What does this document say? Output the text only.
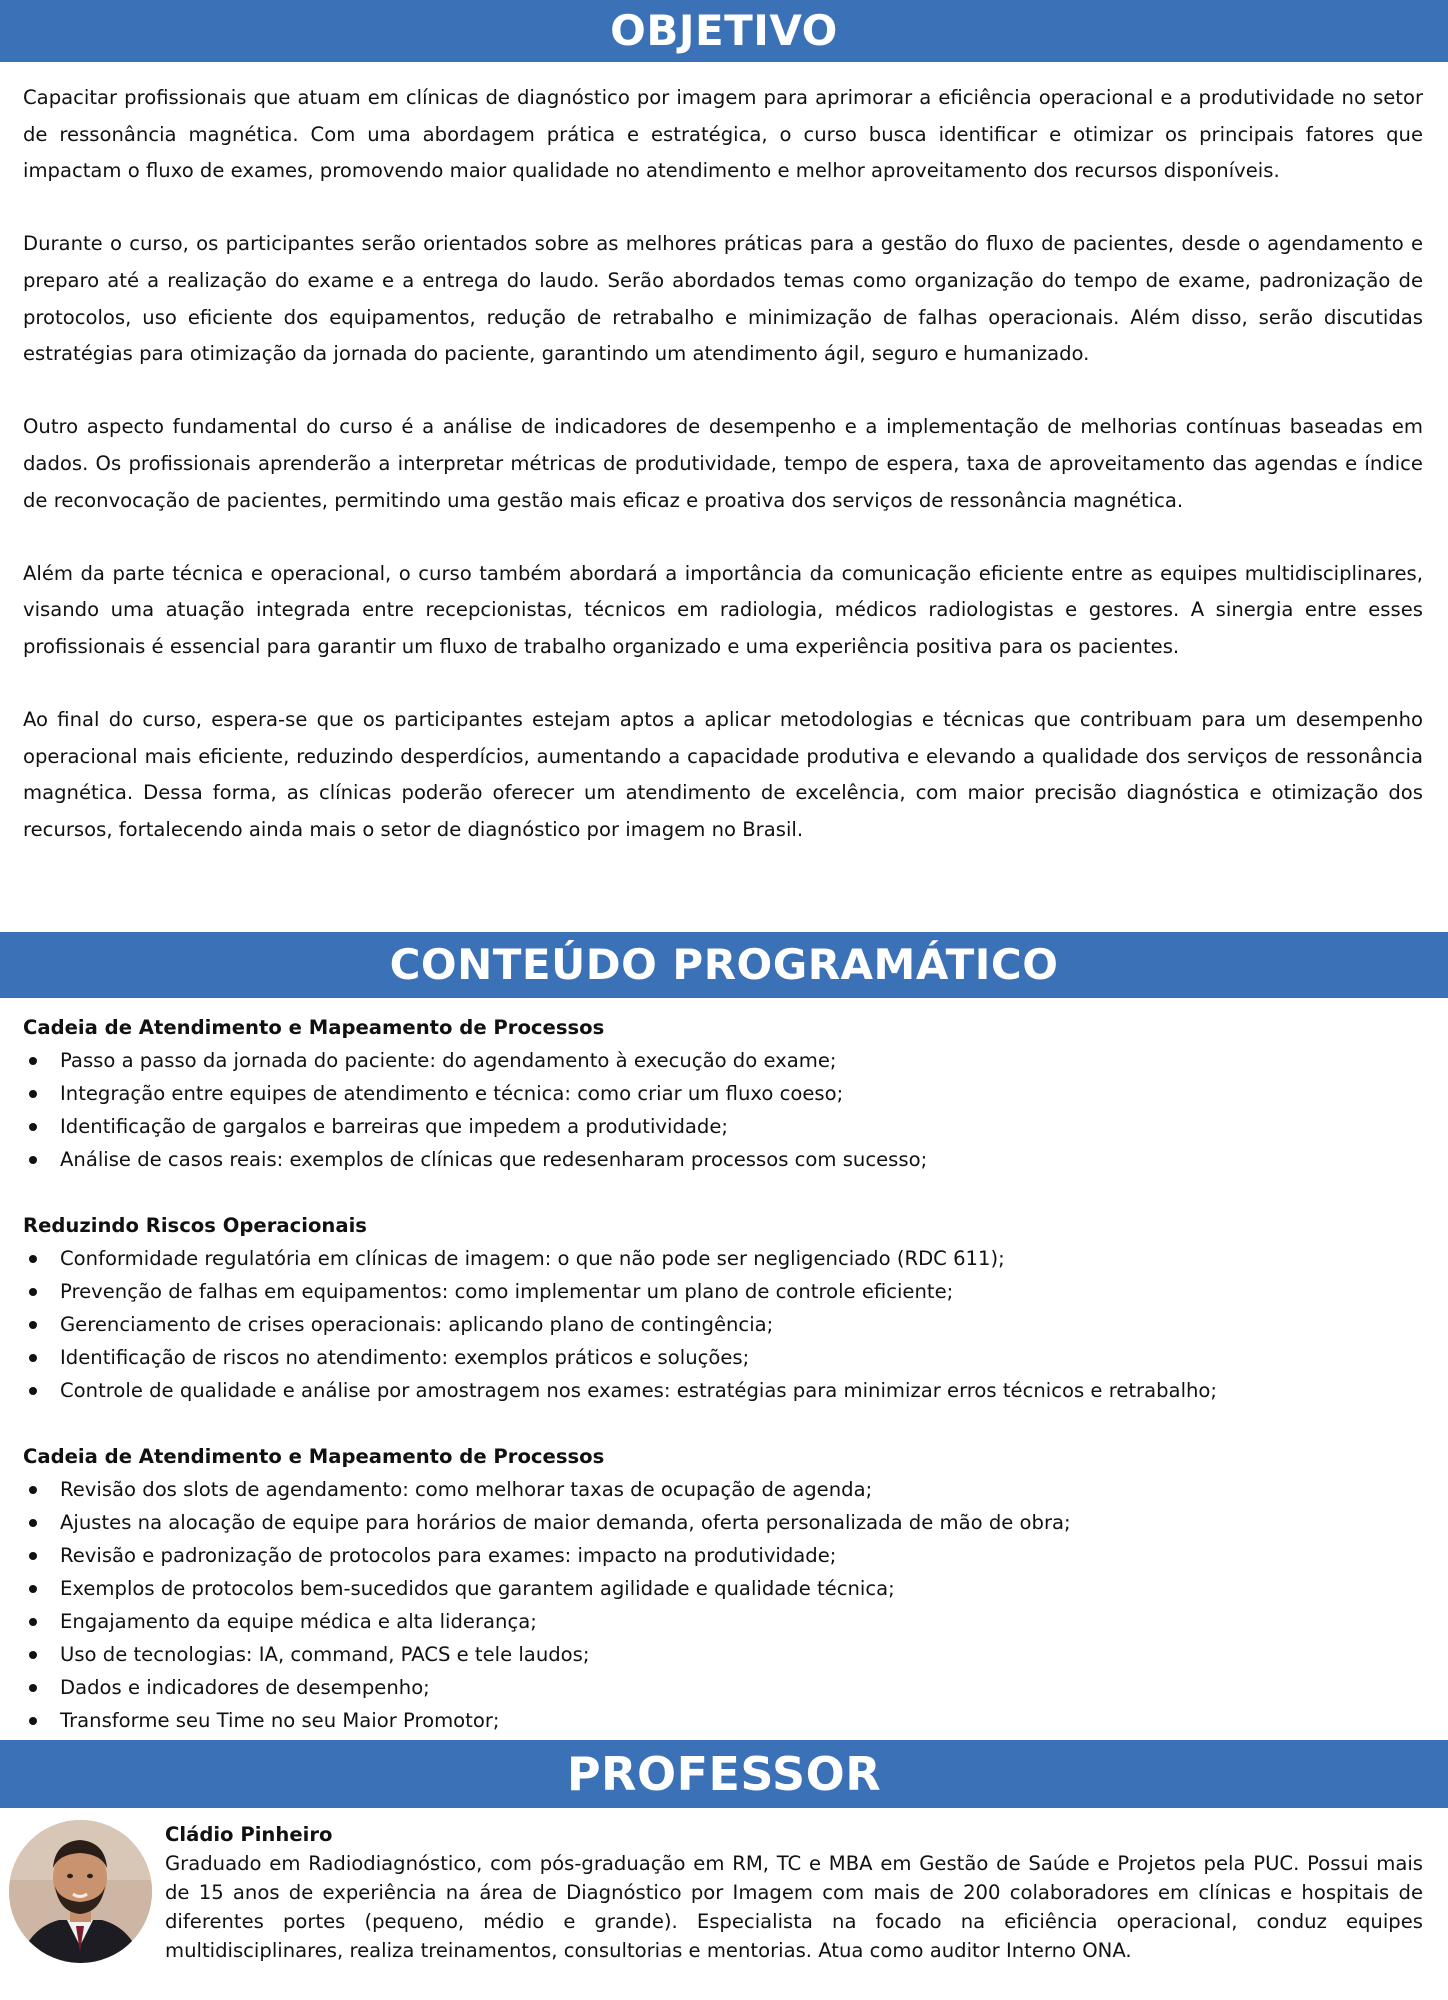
OBJETIVO

Capacitar profissionais que atuam em clínicas de diagnóstico por imagem para aprimorar a eficiência operacional e a produtividade no setor de ressonância magnética. Com uma abordagem prática e estratégica, o curso busca identificar e otimizar os principais fatores que impactam o fluxo de exames, promovendo maior qualidade no atendimento e melhor aproveitamento dos recursos disponíveis.

Durante o curso, os participantes serão orientados sobre as melhores práticas para a gestão do fluxo de pacientes, desde o agendamento e preparo até a realização do exame e a entrega do laudo. Serão abordados temas como organização do tempo de exame, padronização de protocolos, uso eficiente dos equipamentos, redução de retrabalho e minimização de falhas operacionais. Além disso, serão discutidas estratégias para otimização da jornada do paciente, garantindo um atendimento ágil, seguro e humanizado.

Outro aspecto fundamental do curso é a análise de indicadores de desempenho e a implementação de melhorias contínuas baseadas em dados. Os profissionais aprenderão a interpretar métricas de produtividade, tempo de espera, taxa de aproveitamento das agendas e índice de reconvocação de pacientes, permitindo uma gestão mais eficaz e proativa dos serviços de ressonância magnética.

Além da parte técnica e operacional, o curso também abordará a importância da comunicação eficiente entre as equipes multidisciplinares, visando uma atuação integrada entre recepcionistas, técnicos em radiologia, médicos radiologistas e gestores. A sinergia entre esses profissionais é essencial para garantir um fluxo de trabalho organizado e uma experiência positiva para os pacientes.

Ao final do curso, espera-se que os participantes estejam aptos a aplicar metodologias e técnicas que contribuam para um desempenho operacional mais eficiente, reduzindo desperdícios, aumentando a capacidade produtiva e elevando a qualidade dos serviços de ressonância magnética. Dessa forma, as clínicas poderão oferecer um atendimento de excelência, com maior precisão diagnóstica e otimização dos recursos, fortalecendo ainda mais o setor de diagnóstico por imagem no Brasil.

CONTEÚDO PROGRAMÁTICO

Cadeia de Atendimento e Mapeamento de Processos

Passo a passo da jornada do paciente: do agendamento à execução do exame;
Integração entre equipes de atendimento e técnica: como criar um fluxo coeso;
Identificação de gargalos e barreiras que impedem a produtividade;
Análise de casos reais: exemplos de clínicas que redesenharam processos com sucesso;

Reduzindo Riscos Operacionais

Conformidade regulatória em clínicas de imagem: o que não pode ser negligenciado (RDC 611);
Prevenção de falhas em equipamentos: como implementar um plano de controle eficiente;
Gerenciamento de crises operacionais: aplicando plano de contingência;
Identificação de riscos no atendimento: exemplos práticos e soluções;
Controle de qualidade e análise por amostragem nos exames: estratégias para minimizar erros técnicos e retrabalho;

Cadeia de Atendimento e Mapeamento de Processos

Revisão dos slots de agendamento: como melhorar taxas de ocupação de agenda;
Ajustes na alocação de equipe para horários de maior demanda, oferta personalizada de mão de obra;
Revisão e padronização de protocolos para exames: impacto na produtividade;
Exemplos de protocolos bem-sucedidos que garantem agilidade e qualidade técnica;
Engajamento da equipe médica e alta liderança;
Uso de tecnologias: IA, command, PACS e tele laudos;
Dados e indicadores de desempenho;
Transforme seu Time no seu Maior Promotor;
PROFESSOR

Cládio Pinheiro

Graduado em Radiodiagnóstico, com pós-graduação em RM, TC e MBA em Gestão de Saúde e Projetos pela PUC. Possui mais de 15 anos de experiência na área de Diagnóstico por Imagem com mais de 200 colaboradores em clínicas e hospitais de diferentes portes (pequeno, médio e grande). Especialista na focado na eficiência operacional, conduz equipes multidisciplinares, realiza treinamentos, consultorias e mentorias. Atua como auditor Interno ONA.
